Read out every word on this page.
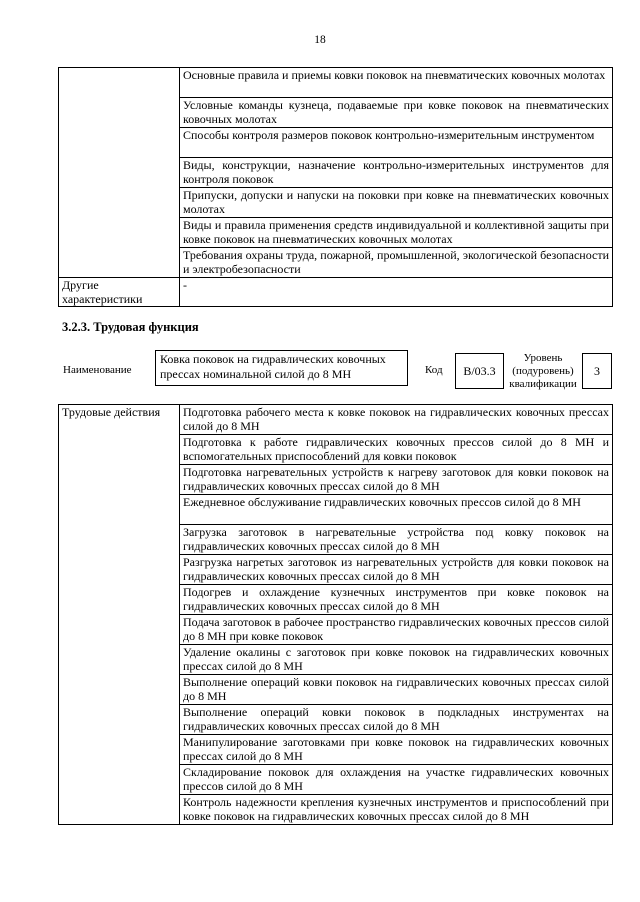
18
	Основные правила и приемы ковки поковок на пневматических ковочных молотах
	Условные команды кузнеца, подаваемые при ковке поковок на пневматических ковочных молотах
	Способы контроля размеров поковок контрольно-измерительным инструментом
	Виды, конструкции, назначение контрольно-измерительных инструментов для контроля поковок
	Припуски, допуски и напуски на поковки при ковке на пневматических ковочных молотах
	Виды и правила применения средств индивидуальной и коллективной защиты при ковке поковок на пневматических ковочных молотах
	Требования охраны труда, пожарной, промышленной, экологической безопасности и электробезопасности
Другие характеристики	-
3.2.3. Трудовая функция
Наименование
Ковка поковок на гидравлических ковочных прессах номинальной силой до 8 МН	Код	В/03.3
Уровень (подуровень) квалификации
3
Трудовые действия	Подготовка рабочего места к ковке поковок на гидравлических ковочных прессах силой до 8 МН
Подготовка к работе гидравлических ковочных прессов силой до 8 МН и вспомогательных приспособлений для ковки поковок
Подготовка нагревательных устройств к нагреву заготовок для ковки поковок на гидравлических ковочных прессах силой до 8 МН
Ежедневное обслуживание гидравлических ковочных прессов силой до 8 МН
Загрузка заготовок в нагревательные устройства под ковку поковок на гидравлических ковочных прессах силой до 8 МН
Разгрузка нагретых заготовок из нагревательных устройств для ковки поковок на гидравлических ковочных прессах силой до 8 МН
Подогрев и охлаждение кузнечных инструментов при ковке поковок на гидравлических ковочных прессах силой до 8 МН
Подача заготовок в рабочее пространство гидравлических ковочных прессов силой до 8 МН при ковке поковок
Удаление окалины с заготовок при ковке поковок на гидравлических ковочных прессах силой до 8 МН
Выполнение операций ковки поковок на гидравлических ковочных прессах силой до 8 МН
Выполнение операций ковки поковок в подкладных инструментах на гидравлических ковочных прессах силой до 8 МН
Манипулирование заготовками при ковке поковок на гидравлических ковочных прессах силой до 8 МН
Складирование поковок для охлаждения на участке гидравлических ковочных прессов силой до 8 МН
Контроль надежности крепления кузнечных инструментов и приспособлений при ковке поковок на гидравлических ковочных прессах силой до 8 МН
